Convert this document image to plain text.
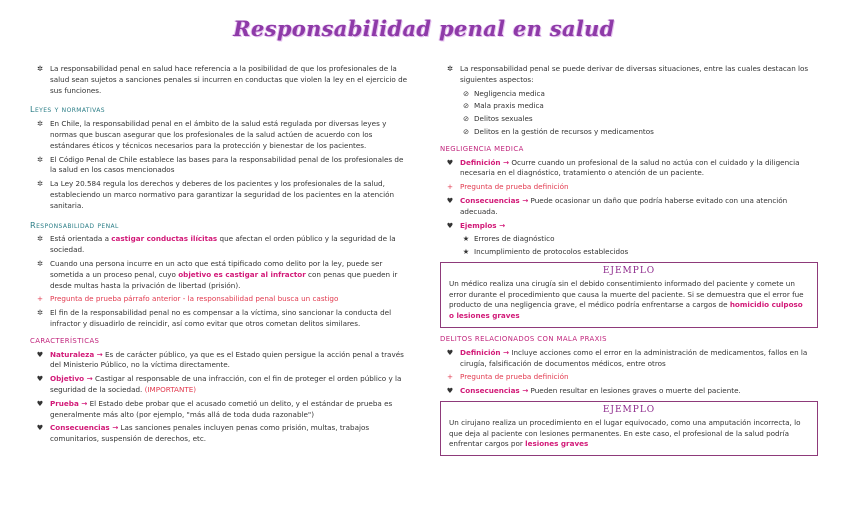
Responsabilidad penal en salud
✲ La responsabilidad penal en salud hace referencia a la posibilidad de que los profesionales de la salud sean sujetos a sanciones penales si incurren en conductas que violen la ley en el ejercicio de sus funciones.
Leyes y normativas
✲ En Chile, la responsabilidad penal en el ámbito de la salud está regulada por diversas leyes y normas que buscan asegurar que los profesionales de la salud actúen de acuerdo con los estándares éticos y técnicos necesarios para la protección y bienestar de los pacientes.
✲ El Código Penal de Chile establece las bases para la responsabilidad penal de los profesionales de la salud en los casos mencionados
✲ La Ley 20.584 regula los derechos y deberes de los pacientes y los profesionales de la salud, estableciendo un marco normativo para garantizar la seguridad de los pacientes en la atención sanitaria.
Responsabilidad penal
✲ Está orientada a castigar conductas ilícitas que afectan el orden público y la seguridad de la sociedad.
✲ Cuando una persona incurre en un acto que está tipificado como delito por la ley, puede ser sometida a un proceso penal, cuyo objetivo es castigar al infractor con penas que pueden ir desde multas hasta la privación de libertad (prisión).
+ Pregunta de prueba párrafo anterior - la responsabilidad penal busca un castigo
✲ El fin de la responsabilidad penal no es compensar a la víctima, sino sancionar la conducta del infractor y disuadirlo de reincidir, así como evitar que otros cometan delitos similares.
CARACTERÍSTICAS
♥ Naturaleza → Es de carácter público, ya que es el Estado quien persigue la acción penal a través del Ministerio Público, no la víctima directamente.
♥ Objetivo → Castigar al responsable de una infracción, con el fin de proteger el orden público y la seguridad de la sociedad. (IMPORTANTE)
♥ Prueba → El Estado debe probar que el acusado cometió un delito, y el estándar de prueba es generalmente más alto (por ejemplo, "más allá de toda duda razonable")
♥ Consecuencias → Las sanciones penales incluyen penas como prisión, multas, trabajos comunitarios, suspensión de derechos, etc.
✲ La responsabilidad penal se puede derivar de diversas situaciones, entre las cuales destacan los siguientes aspectos:
⊘ Negligencia medica
⊘ Mala praxis medica
⊘ Delitos sexuales
⊘ Delitos en la gestión de recursos y medicamentos
NEGLIGENCIA MEDICA
♥ Definición → Ocurre cuando un profesional de la salud no actúa con el cuidado y la diligencia necesaria en el diagnóstico, tratamiento o atención de un paciente.
+ Pregunta de prueba definición
♥ Consecuencias → Puede ocasionar un daño que podría haberse evitado con una atención adecuada.
♥ Ejemplos →
★ Errores de diagnóstico
★ Incumplimiento de protocolos establecidos
EJEMPLO

Un médico realiza una cirugía sin el debido consentimiento informado del paciente y comete un error durante el procedimiento que causa la muerte del paciente. Si se demuestra que el error fue producto de una negligencia grave, el médico podría enfrentarse a cargos de homicidio culposo o lesiones graves

DELITOS RELACIONADOS CON MALA PRAXIS
♥ Definición → Incluye acciones como el error en la administración de medicamentos, fallos en la cirugía, falsificación de documentos médicos, entre otros
+ Pregunta de prueba definición
♥ Consecuencias → Pueden resultar en lesiones graves o muerte del paciente.
EJEMPLO

Un cirujano realiza un procedimiento en el lugar equivocado, como una amputación incorrecta, lo que deja al paciente con lesiones permanentes. En este caso, el profesional de la salud podría enfrentar cargos por lesiones graves
